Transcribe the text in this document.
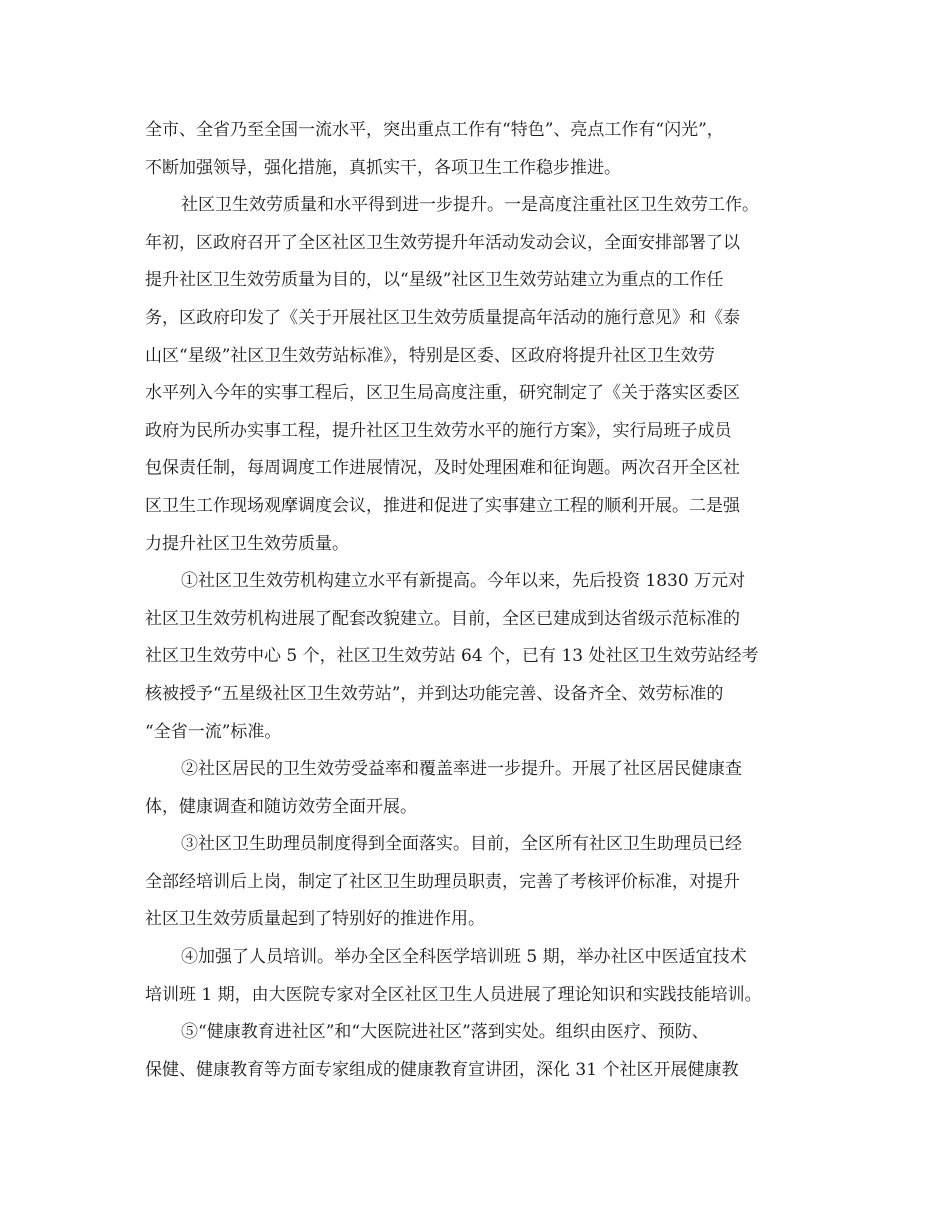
全市、全省乃至全国一流水平，突出重点工作有“特色”、亮点工作有“闪光”，
不断加强领导，强化措施，真抓实干，各项卫生工作稳步推进。
社区卫生效劳质量和水平得到进一步提升。一是高度注重社区卫生效劳工作。
年初，区政府召开了全区社区卫生效劳提升年活动发动会议，全面安排部署了以
提升社区卫生效劳质量为目的，以“星级”社区卫生效劳站建立为重点的工作任
务，区政府印发了《关于开展社区卫生效劳质量提高年活动的施行意见》和《泰
山区“星级”社区卫生效劳站标准》，特别是区委、区政府将提升社区卫生效劳
水平列入今年的实事工程后，区卫生局高度注重，研究制定了《关于落实区委区
政府为民所办实事工程，提升社区卫生效劳水平的施行方案》，实行局班子成员
包保责任制，每周调度工作进展情况，及时处理困难和征询题。两次召开全区社
区卫生工作现场观摩调度会议，推进和促进了实事建立工程的顺利开展。二是强
力提升社区卫生效劳质量。
①社区卫生效劳机构建立水平有新提高。今年以来，先后投资 1830 万元对
社区卫生效劳机构进展了配套改貌建立。目前，全区已建成到达省级示范标准的
社区卫生效劳中心 5 个，社区卫生效劳站 64 个，已有 13 处社区卫生效劳站经考
核被授予“五星级社区卫生效劳站”，并到达功能完善、设备齐全、效劳标准的
“全省一流”标准。
②社区居民的卫生效劳受益率和覆盖率进一步提升。开展了社区居民健康查
体，健康调查和随访效劳全面开展。
③社区卫生助理员制度得到全面落实。目前，全区所有社区卫生助理员已经
全部经培训后上岗，制定了社区卫生助理员职责，完善了考核评价标准，对提升
社区卫生效劳质量起到了特别好的推进作用。
④加强了人员培训。举办全区全科医学培训班 5 期，举办社区中医适宜技术
培训班 1 期，由大医院专家对全区社区卫生人员进展了理论知识和实践技能培训。
⑤“健康教育进社区”和“大医院进社区”落到实处。组织由医疗、预防、
保健、健康教育等方面专家组成的健康教育宣讲团，深化 31 个社区开展健康教
